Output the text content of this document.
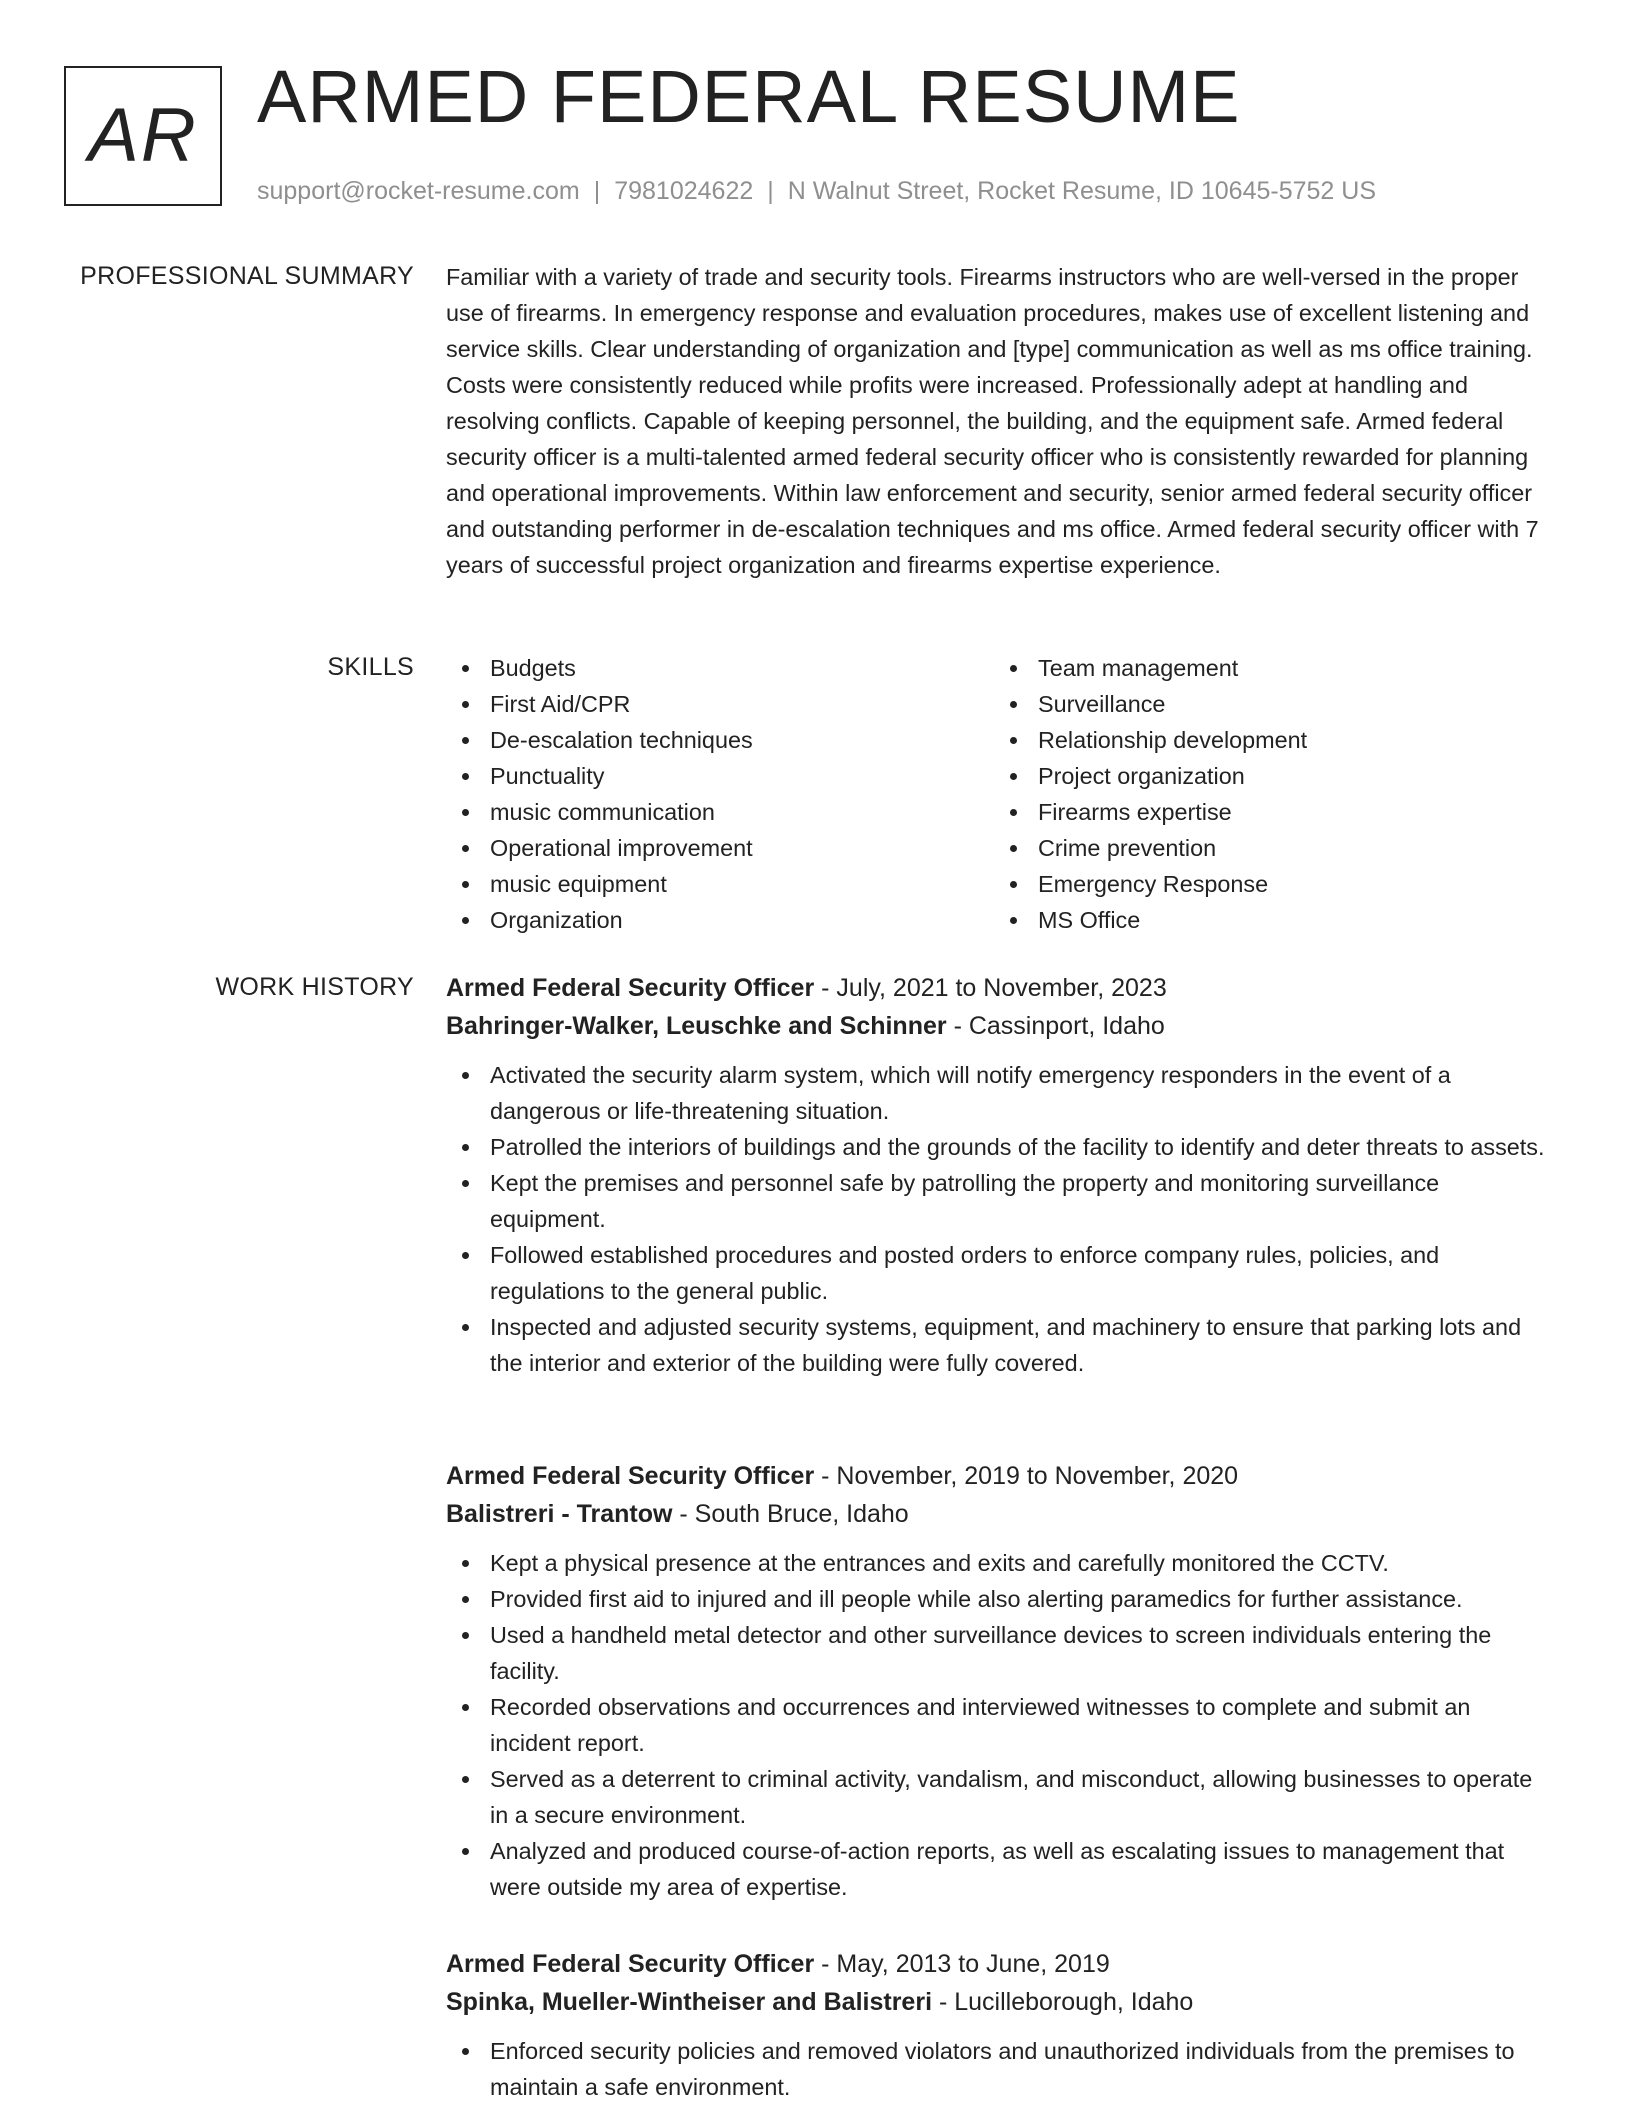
AR ARMED FEDERAL RESUME
support@rocket-resume.com | 7981024622 | N Walnut Street, Rocket Resume, ID 10645-5752 US
PROFESSIONAL SUMMARY Familiar with a variety of trade and security tools. Firearms instructors who are well-versed in the proper use of firearms. In emergency response and evaluation procedures, makes use of excellent listening and service skills. Clear understanding of organization and [type] communication as well as ms office training. Costs were consistently reduced while profits were increased. Professionally adept at handling and resolving conflicts. Capable of keeping personnel, the building, and the equipment safe. Armed federal security officer is a multi-talented armed federal security officer who is consistently rewarded for planning and operational improvements. Within law enforcement and security, senior armed federal security officer and outstanding performer in de-escalation techniques and ms office. Armed federal security officer with 7 years of successful project organization and firearms expertise experience.

SKILLS	Budgets
First Aid/CPR
De-escalation techniques
Punctuality
music communication
Operational improvement
music equipment
Organization
Team management
Surveillance
Relationship development
Project organization
Firearms expertise
Crime prevention
Emergency Response
MS Office
WORK HISTORY Armed Federal Security Officer - July, 2021 to November, 2023
Bahringer-Walker, Leuschke and Schinner - Cassinport, Idaho
Activated the security alarm system, which will notify emergency responders in the event of a dangerous or life-threatening situation.
Patrolled the interiors of buildings and the grounds of the facility to identify and deter threats to assets.
Kept the premises and personnel safe by patrolling the property and monitoring surveillance equipment.
Followed established procedures and posted orders to enforce company rules, policies, and regulations to the general public.
Inspected and adjusted security systems, equipment, and machinery to ensure that parking lots and the interior and exterior of the building were fully covered.
Armed Federal Security Officer - November, 2019 to November, 2020
Balistreri - Trantow - South Bruce, Idaho
Kept a physical presence at the entrances and exits and carefully monitored the CCTV.
Provided first aid to injured and ill people while also alerting paramedics for further assistance.
Used a handheld metal detector and other surveillance devices to screen individuals entering the facility.
Recorded observations and occurrences and interviewed witnesses to complete and submit an incident report.
Served as a deterrent to criminal activity, vandalism, and misconduct, allowing businesses to operate in a secure environment.
Analyzed and produced course-of-action reports, as well as escalating issues to management that were outside my area of expertise.
Armed Federal Security Officer - May, 2013 to June, 2019
Spinka, Mueller-Wintheiser and Balistreri - Lucilleborough, Idaho
Enforced security policies and removed violators and unauthorized individuals from the premises to maintain a safe environment.
